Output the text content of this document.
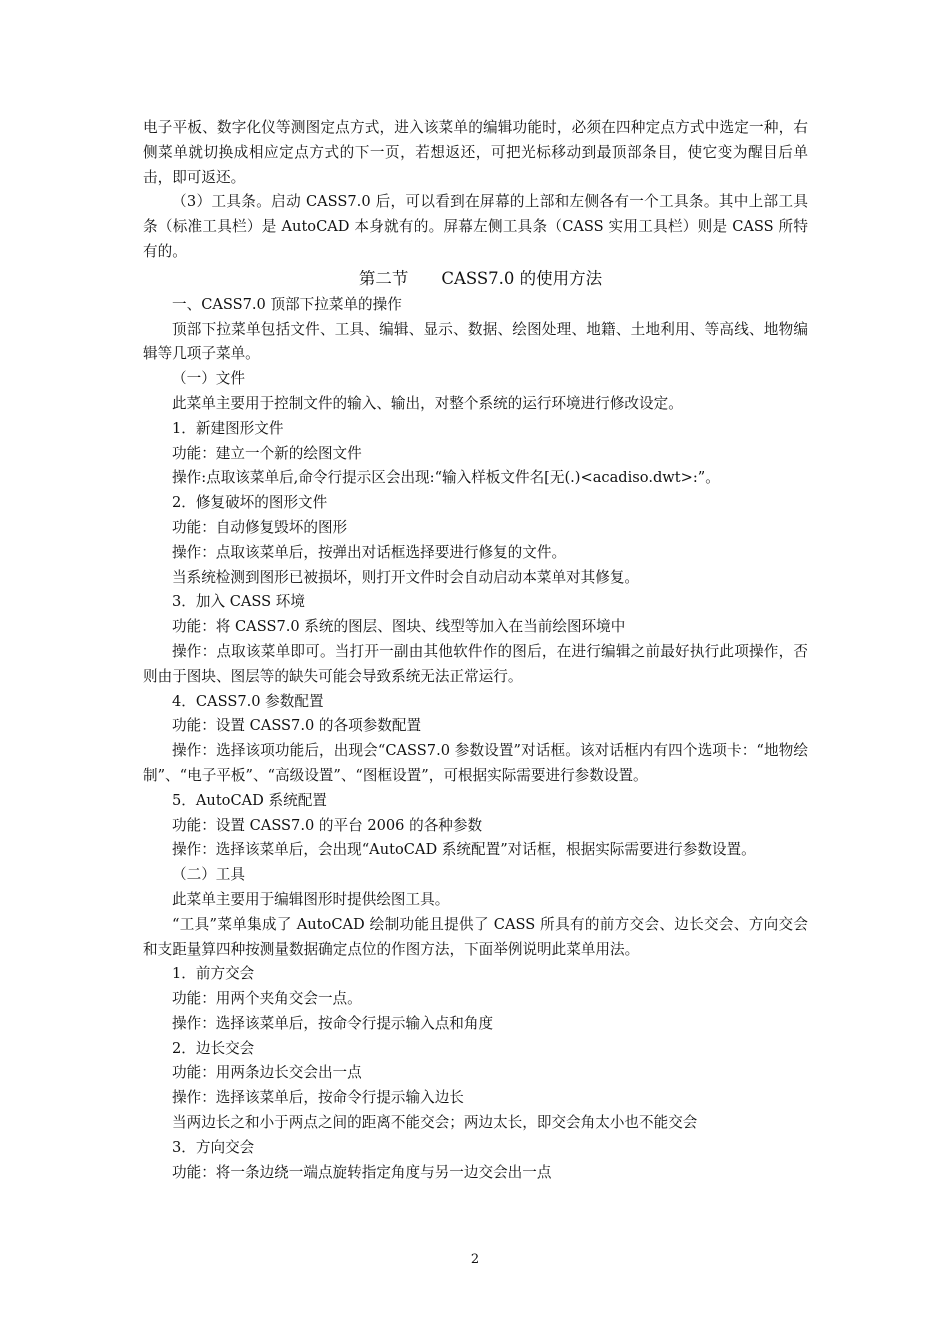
电子平板、数字化仪等测图定点方式，进入该菜单的编辑功能时，必须在四种定点方式中选定一种，右侧菜单就切换成相应定点方式的下一页，若想返还，可把光标移动到最顶部条目，使它变为醒目后单击，即可返还。

（3）工具条。启动 CASS7.0 后，可以看到在屏幕的上部和左侧各有一个工具条。其中上部工具条（标准工具栏）是 AutoCAD 本身就有的。屏幕左侧工具条（CASS 实用工具栏）则是 CASS 所特有的。

第二节　　CASS7.0 的使用方法

一、CASS7.0 顶部下拉菜单的操作

顶部下拉菜单包括文件、工具、编辑、显示、数据、绘图处理、地籍、土地利用、等高线、地物编辑等几项子菜单。

（一）文件

此菜单主要用于控制文件的输入、输出，对整个系统的运行环境进行修改设定。

1．新建图形文件

功能：建立一个新的绘图文件

操作:点取该菜单后,命令行提示区会出现:“输入样板文件名[无(.)<acadiso.dwt>:”。

2．修复破坏的图形文件

功能：自动修复毁坏的图形

操作：点取该菜单后，按弹出对话框选择要进行修复的文件。

当系统检测到图形已被损坏，则打开文件时会自动启动本菜单对其修复。

3．加入 CASS 环境

功能：将 CASS7.0 系统的图层、图块、线型等加入在当前绘图环境中

操作：点取该菜单即可。当打开一副由其他软件作的图后，在进行编辑之前最好执行此项操作，否则由于图块、图层等的缺失可能会导致系统无法正常运行。

4．CASS7.0 参数配置

功能：设置 CASS7.0 的各项参数配置

操作：选择该项功能后，出现会“CASS7.0 参数设置”对话框。该对话框内有四个选项卡：“地物绘制”、“电子平板”、“高级设置”、“图框设置”，可根据实际需要进行参数设置。

5．AutoCAD 系统配置

功能：设置 CASS7.0 的平台 2006 的各种参数

操作：选择该菜单后，会出现“AutoCAD 系统配置”对话框，根据实际需要进行参数设置。

（二）工具

此菜单主要用于编辑图形时提供绘图工具。

“工具”菜单集成了 AutoCAD 绘制功能且提供了 CASS 所具有的前方交会、边长交会、方向交会和支距量算四种按测量数据确定点位的作图方法，下面举例说明此菜单用法。

1．前方交会

功能：用两个夹角交会一点。

操作：选择该菜单后，按命令行提示输入点和角度

2．边长交会

功能：用两条边长交会出一点

操作：选择该菜单后，按命令行提示输入边长

当两边长之和小于两点之间的距离不能交会；两边太长，即交会角太小也不能交会

3．方向交会

功能：将一条边绕一端点旋转指定角度与另一边交会出一点

2
